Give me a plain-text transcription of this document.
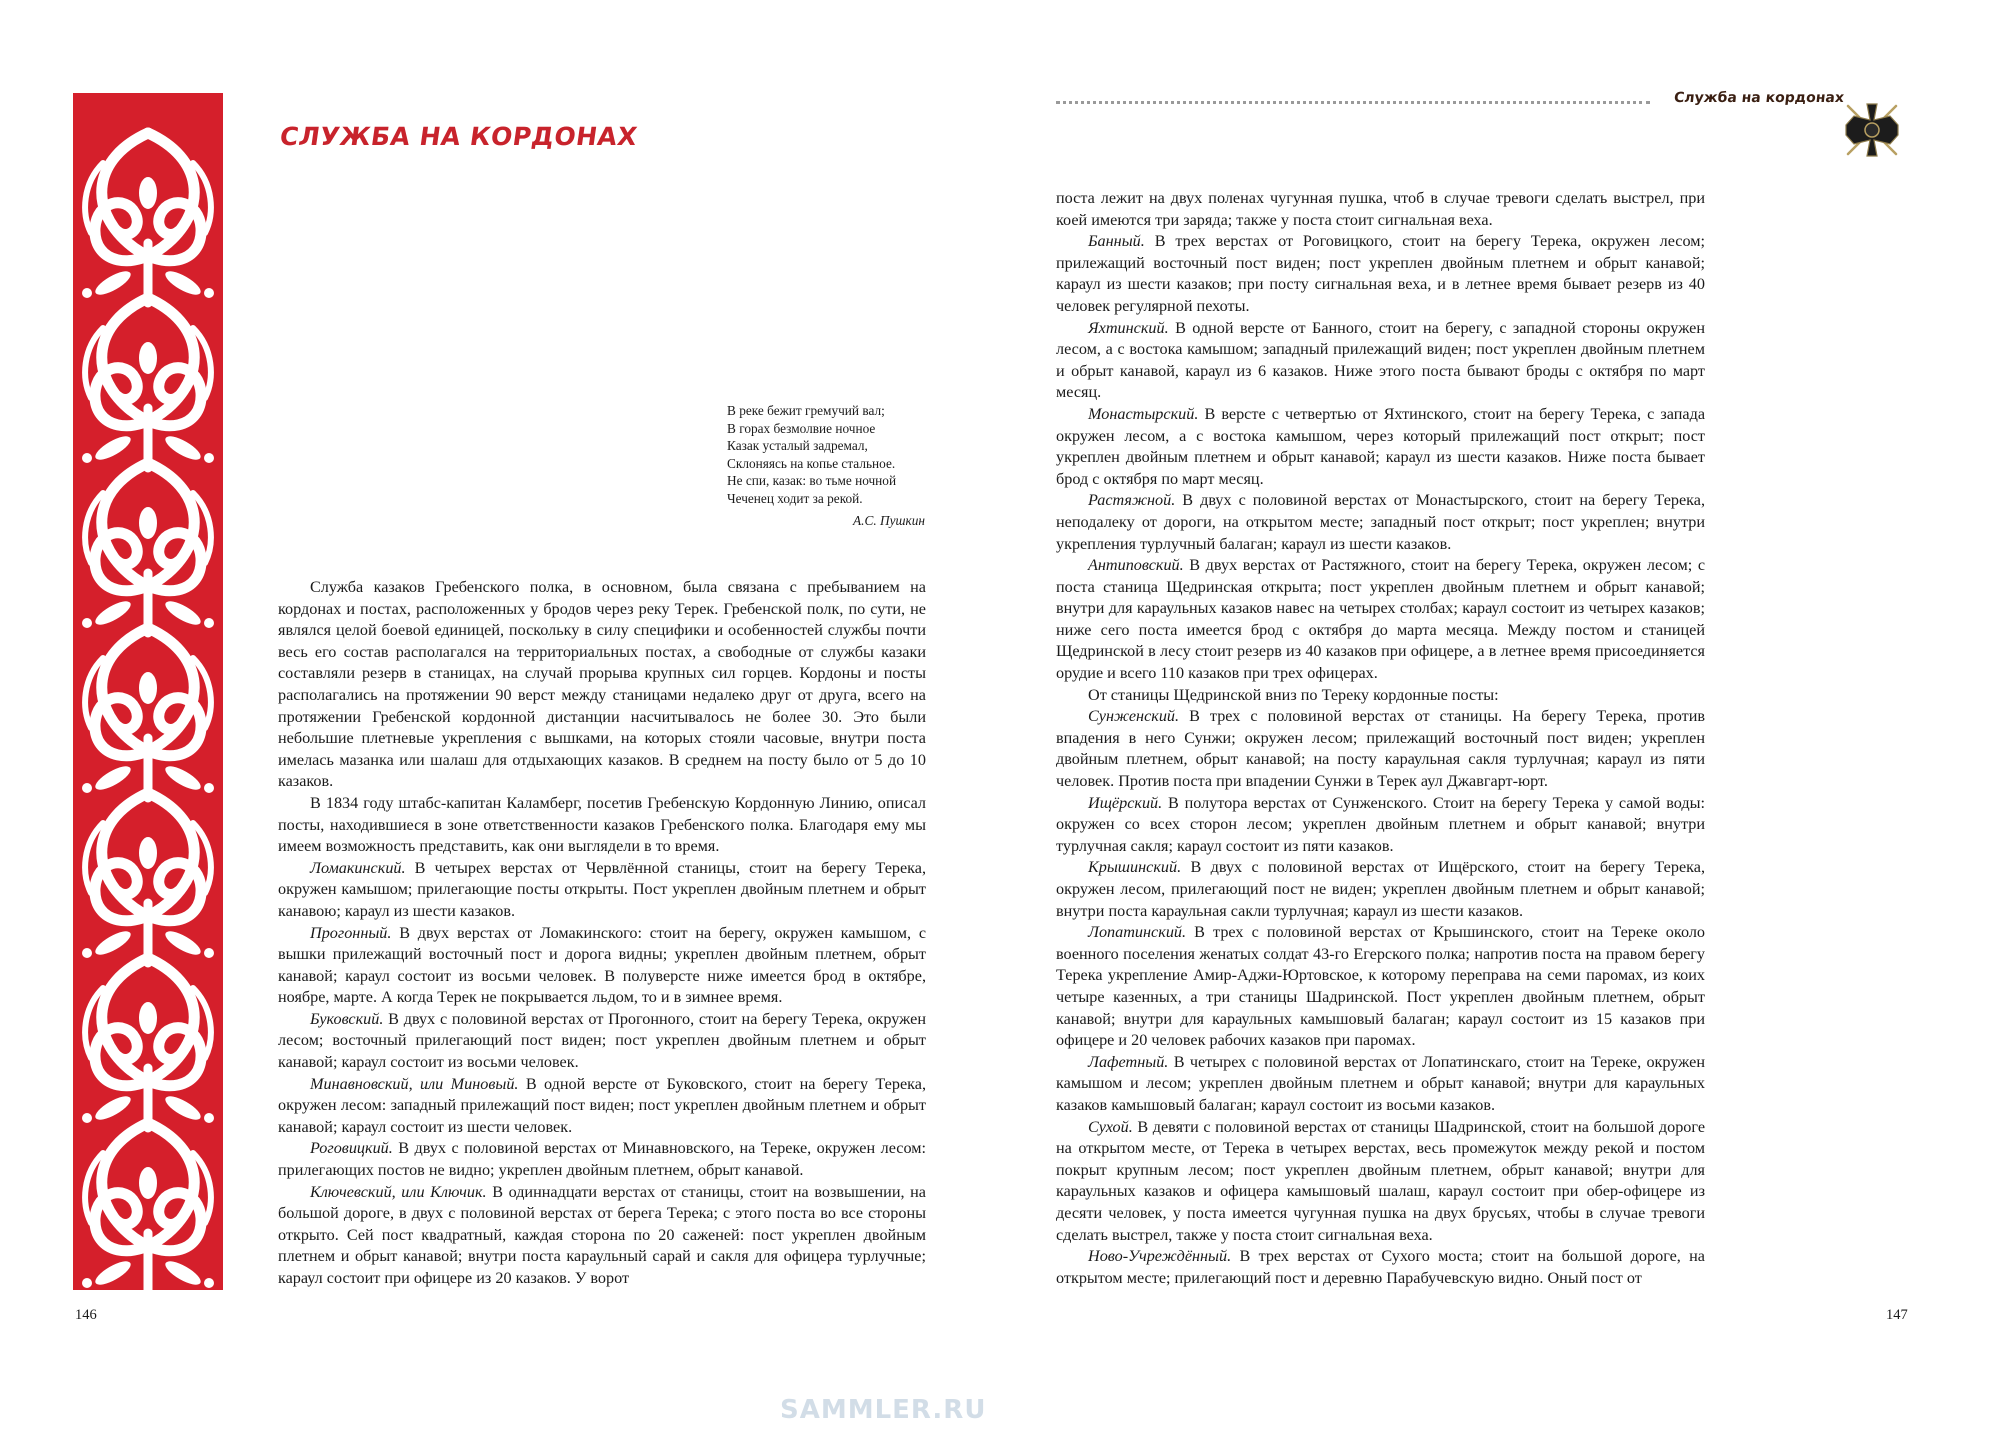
СЛУЖБА НА КОРДОНАХ
В реке бежит гремучий вал;
В горах безмолвие ночное
Казак усталый задремал,
Склоняясь на копье стальное.
Не спи, казак: во тьме ночной
Чеченец ходит за рекой.
А.С. Пушкин

Служба казаков Гребенского полка, в основном, была связана с пребыванием на кордонах и постах, расположенных у бродов через реку Терек. Гребенской полк, по сути, не являлся целой боевой единицей, поскольку в силу специфики и особенностей службы почти весь его состав располагался на территориальных постах, а свободные от службы казаки составляли резерв в станицах, на случай прорыва крупных сил горцев. Кордоны и посты располагались на протяжении 90 верст между станицами недалеко друг от друга, всего на протяжении Гребенской кордонной дистанции насчитывалось не более 30. Это были небольшие плетневые укрепления с вышками, на которых стояли часовые, внутри поста имелась мазанка или шалаш для отдыхающих казаков. В среднем на посту было от 5 до 10 казаков.

В 1834 году штабс-капитан Каламберг, посетив Гребенскую Кордонную Линию, описал посты, находившиеся в зоне ответственности казаков Гребенского полка. Благодаря ему мы имеем возможность представить, как они выглядели в то время.

Ломакинский. В четырех верстах от Червлённой станицы, стоит на берегу Терека, окружен камышом; прилегающие посты открыты. Пост укреплен двойным плетнем и обрыт канавою; караул из шести казаков.

Прогонный. В двух верстах от Ломакинского: стоит на берегу, окружен камышом, с вышки прилежащий восточный пост и дорога видны; укреплен двойным плетнем, обрыт канавой; караул состоит из восьми человек. В полуверсте ниже имеется брод в октябре, ноябре, марте. А когда Терек не покрывается льдом, то и в зимнее время.

Буковский. В двух с половиной верстах от Прогонного, стоит на берегу Терека, окружен лесом; восточный прилегающий пост виден; пост укреплен двойным плетнем и обрыт канавой; караул состоит из восьми человек.

Минавновский, или Миновый. В одной версте от Буковского, стоит на берегу Терека, окружен лесом: западный прилежащий пост виден; пост укреплен двойным плетнем и обрыт канавой; караул состоит из шести человек.

Роговицкий. В двух с половиной верстах от Минавновского, на Тереке, окружен лесом: прилегающих постов не видно; укреплен двойным плетнем, обрыт канавой.

Ключевский, или Ключик. В одиннадцати верстах от станицы, стоит на возвышении, на большой дороге, в двух с половиной верстах от берега Терека; с этого поста во все стороны открыто. Сей пост квадратный, каждая сторона по 20 саженей: пост укреплен двойным плетнем и обрыт канавой; внутри поста караульный сарай и сакля для офицера турлучные; караул состоит при офицере из 20 казаков. У ворот

146
Служба на кордонах

поста лежит на двух поленах чугунная пушка, чтоб в случае тревоги сделать выстрел, при коей имеются три заряда; также у поста стоит сигнальная веха.

Банный. В трех верстах от Роговицкого, стоит на берегу Терека, окружен лесом; прилежащий восточный пост виден; пост укреплен двойным плетнем и обрыт канавой; караул из шести казаков; при посту сигнальная веха, и в летнее время бывает резерв из 40 человек регулярной пехоты.

Яхтинский. В одной версте от Банного, стоит на берегу, с западной стороны окружен лесом, а с востока камышом; западный прилежащий виден; пост укреплен двойным плетнем и обрыт канавой, караул из 6 казаков. Ниже этого поста бывают броды с октября по март месяц.

Монастырский. В версте с четвертью от Яхтинского, стоит на берегу Терека, с запада окружен лесом, а с востока камышом, через который прилежащий пост открыт; пост укреплен двойным плетнем и обрыт канавой; караул из шести казаков. Ниже поста бывает брод с октября по март месяц.

Растяжной. В двух с половиной верстах от Монастырского, стоит на берегу Терека, неподалеку от дороги, на открытом месте; западный пост открыт; пост укреплен; внутри укрепления турлучный балаган; караул из шести казаков.

Антиповский. В двух верстах от Растяжного, стоит на берегу Терека, окружен лесом; с поста станица Щедринская открыта; пост укреплен двойным плетнем и обрыт канавой; внутри для караульных казаков навес на четырех столбах; караул состоит из четырех казаков; ниже сего поста имеется брод с октября до марта месяца. Между постом и станицей Щедринской в лесу стоит резерв из 40 казаков при офицере, а в летнее время присоединяется орудие и всего 110 казаков при трех офицерах.

От станицы Щедринской вниз по Тереку кордонные посты:

Сунженский. В трех с половиной верстах от станицы. На берегу Терека, против впадения в него Сунжи; окружен лесом; прилежащий восточный пост виден; укреплен двойным плетнем, обрыт канавой; на посту караульная сакля турлучная; караул из пяти человек. Против поста при впадении Сунжи в Терек аул Джавгарт-юрт.

Ищёрский. В полутора верстах от Сунженского. Стоит на берегу Терека у самой воды: окружен со всех сторон лесом; укреплен двойным плетнем и обрыт канавой; внутри турлучная сакля; караул состоит из пяти казаков.

Крышинский. В двух с половиной верстах от Ищёрского, стоит на берегу Терека, окружен лесом, прилегающий пост не виден; укреплен двойным плетнем и обрыт канавой; внутри поста караульная сакли турлучная; караул из шести казаков.

Лопатинский. В трех с половиной верстах от Крышинского, стоит на Тереке около военного поселения женатых солдат 43-го Егерского полка; напротив поста на правом берегу Терека укрепление Амир-Аджи-Юртовское, к которому переправа на семи паромах, из коих четыре казенных, а три станицы Шадринской. Пост укреплен двойным плетнем, обрыт канавой; внутри для караульных камышовый балаган; караул состоит из 15 казаков при офицере и 20 человек рабочих казаков при паромах.

Лафетный. В четырех с половиной верстах от Лопатинскаго, стоит на Тереке, окружен камышом и лесом; укреплен двойным плетнем и обрыт канавой; внутри для караульных казаков камышовый балаган; караул состоит из восьми казаков.

Сухой. В девяти с половиной верстах от станицы Шадринской, стоит на большой дороге на открытом месте, от Терека в четырех верстах, весь промежуток между рекой и постом покрыт крупным лесом; пост укреплен двойным плетнем, обрыт канавой; внутри для караульных казаков и офицера камышовый шалаш, караул состоит при обер-офицере из десяти человек, у поста имеется чугунная пушка на двух брусьях, чтобы в случае тревоги сделать выстрел, также у поста стоит сигнальная веха.

Ново-Учреждённый. В трех верстах от Сухого моста; стоит на большой дороге, на открытом месте; прилегающий пост и деревню Парабучевскую видно. Оный пост от

147
SAMMLER.RU
